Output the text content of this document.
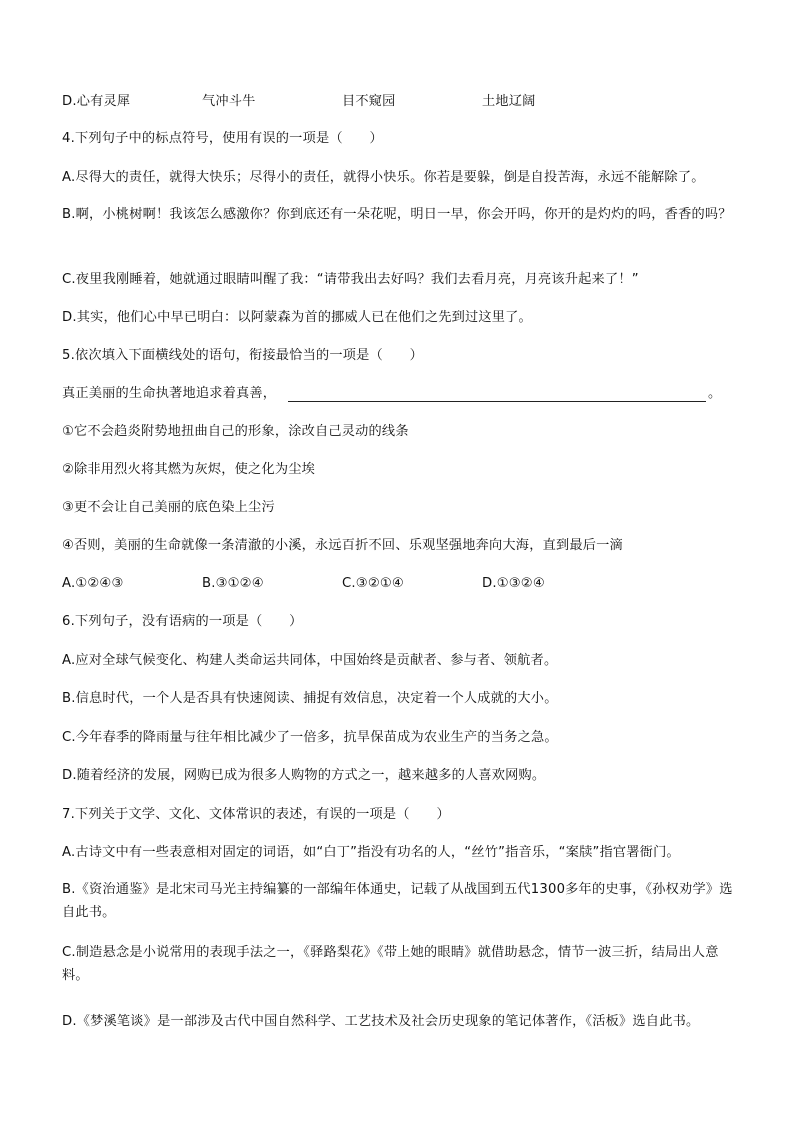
D.心有灵犀	气冲斗牛	目不窥园	土地辽阔
4.下列句子中的标点符号，使用有误的一项是（　　）
A.尽得大的责任，就得大快乐；尽得小的责任，就得小快乐。你若是要躲，倒是自投苦海，永远不能解除了。
B.啊，小桃树啊！我该怎么感激你？你到底还有一朵花呢，明日一早，你会开吗，你开的是灼灼的吗，香香的吗？
C.夜里我刚睡着，她就通过眼睛叫醒了我：“请带我出去好吗？我们去看月亮，月亮该升起来了！”
D.其实，他们心中早已明白：以阿蒙森为首的挪威人已在他们之先到过这里了。
5.依次填入下面横线处的语句，衔接最恰当的一项是（　　）
真正美丽的生命执著地追求着真善，	。
①它不会趋炎附势地扭曲自己的形象，涂改自己灵动的线条
②除非用烈火将其燃为灰烬，使之化为尘埃
③更不会让自己美丽的底色染上尘污
④否则，美丽的生命就像一条清澈的小溪，永远百折不回、乐观坚强地奔向大海，直到最后一滴
A.①②④③	B.③①②④	C.③②①④	D.①③②④
6.下列句子，没有语病的一项是（　　）
A.应对全球气候变化、构建人类命运共同体，中国始终是贡献者、参与者、领航者。
B.信息时代，一个人是否具有快速阅读、捕捉有效信息，决定着一个人成就的大小。
C.今年春季的降雨量与往年相比减少了一倍多，抗旱保苗成为农业生产的当务之急。
D.随着经济的发展，网购已成为很多人购物的方式之一，越来越多的人喜欢网购。
7.下列关于文学、文化、文体常识的表述，有误的一项是（　　）
A.古诗文中有一些表意相对固定的词语，如“白丁”指没有功名的人，“丝竹”指音乐，“案牍”指官署衙门。
B.《资治通鉴》是北宋司马光主持编纂的一部编年体通史，记载了从战国到五代1300多年的史事，《孙权劝学》选自此书。
C.制造悬念是小说常用的表现手法之一，《驿路梨花》《带上她的眼睛》就借助悬念，情节一波三折，结局出人意料。
D.《梦溪笔谈》是一部涉及古代中国自然科学、工艺技术及社会历史现象的笔记体著作，《活板》选自此书。
